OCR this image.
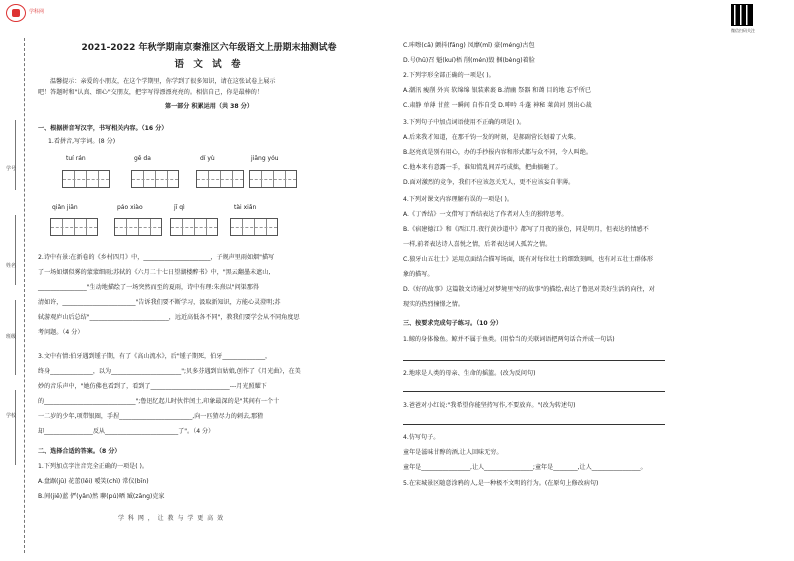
学科网
微信扫码关注
学号
姓名
班级
学校
2021-2022 年秋学期南京秦淮区六年级语文上册期末抽测试卷
语 文 试 卷
温馨提示：亲爱的小朋友，在这个学期里，你学到了很多知识，请在这张试卷上展示
吧！答题时和"认真、细心"交朋友，把字写得漂漂亮亮的。相信自己，你是最棒的！
第一部分 积累运用（共 38 分）
一、根据拼音写汉字，书写相关内容。（16 分）
1.看拼音,写字词。(8 分)
tuí rán	gē da	dí yù	jiāng yóu
qiǎn jiān	páo xiào	jī qì	tài xiǎn
2.诗中有景:在新卷的《乡村四月》中，______________________，子规声里雨如烟"描写
了一场如烟似雾的蒙蒙细雨;苏轼的《六月二十七日望湖楼醉书》中，"黑云翻墨未遮山,
________________"生动地描绘了一场突然而至的夏雨，诗中有理:朱熹以"问渠那得
清如许，________________________"告诉我们要不断学习，汲取新知识，方能心灵澄明;苏
轼游观庐山后总结"__________________________，远近高低各不同"，教我们要学会从不同角度思
考问题。（4 分）
3.文中有情:伯牙遇到锺子期，有了《高山流水》，后"锺子期死，伯牙______________，
终身______________，以为_______________________";贝多芬遇到盲姑娘,创作了《月光曲》，在美
妙的音乐声中，"她仿佛也看到了，看到了__________________________---月光照耀下
的______________________________";鲁迅忆起儿时伙伴闰土,印象最深的是"其间有一个十
一二岁的少年,项带银圈，手捏________________________,向一匹猹尽力的刺去,那猹
却________________反从________________________了"。（4 分）
二、选择合适的答案。（8 分）
1.下列加点字注音完全正确的一项是( )。
A.盘踞(jū) 花蕾(lěi) 嗳笑(chì) 常仪(bīn)
B.间(jiē)蓝 俨(yǎn)然 聊(pú)晒 臧(zāng)克家
学 科 网 ， 让 教 与 学 更 高 效
C.咔嚓(cā) 颤抖(fāng) 凤靡(mǐ) 豪(méng)古包
D.号(hū)召 魁(kuí)梧 削(mén)毁 捆(bèng)着脸
2.下列字形全部正确的一项是( )。
A.潮汛 瘦削 外宾 软绵绵 银装素裹 B.清幽 祭器 和蔼 目的地 忘乎所已
C.肃静 单薄 甘蔗 一瞬间 自作自受 D.呻吟 斗蓬 神秘 莱茵河 别出心裁
3.下列句子中加点词语使用不正确的项是( )。
A.后来我才知道，在那千钧一发的时刻，是郝副营长划着了火柴。
B.赵亮真是别有用心，办的手抄报内容和形式都与众不同，令人叫绝。
C.他本来有意露一手，谁知慌乱间弄巧成拙，把曲搞砸了。
D.面对激烈的竞争，我们不应该忽关无人，更不应该妄自菲薄。
4.下列对课文内容理解有误的一项是( )。
A.《丁香结》一文借写丁香结表达了作者对人生的独特思考。
B.《宿建德江》和《西江月.夜行黄沙道中》都写了月夜的景色，同是明月，但表达的情感不
一样,前者表达诗人喜悦之情，后者表达词人孤苦之情。
C.狼牙山五壮士》运用点面结合描写场面，既有对每位壮士的细致刻画，也有对五壮士群体形
象的描写。
D.《好的故事》这篇散文诗通过对梦境里"好的故事"的描绘,表达了鲁迅对美好生活的向往，对
现实的热烈憧憬之情。
三、按要求完成句子练习。（10 分）
1.鲸的身体像鱼。鲸并不属于鱼类。(用恰当的关联词语把两句话合并成一句话)
2.地球是人类的母亲、生命的摇篮。(改为反问句)
3.爸爸对小红说:"我希望你能坚持写作,不要放弃。"(改为转述句)
4.仿写句子。
童年是滋味甘醇的酒,让人回味无穷。
童年是________________,让人________________;童年是________,让人________________。
5.在宋城景区随意涂鸦的人,是一种极不文明的行为。(在原句上修改病句)
